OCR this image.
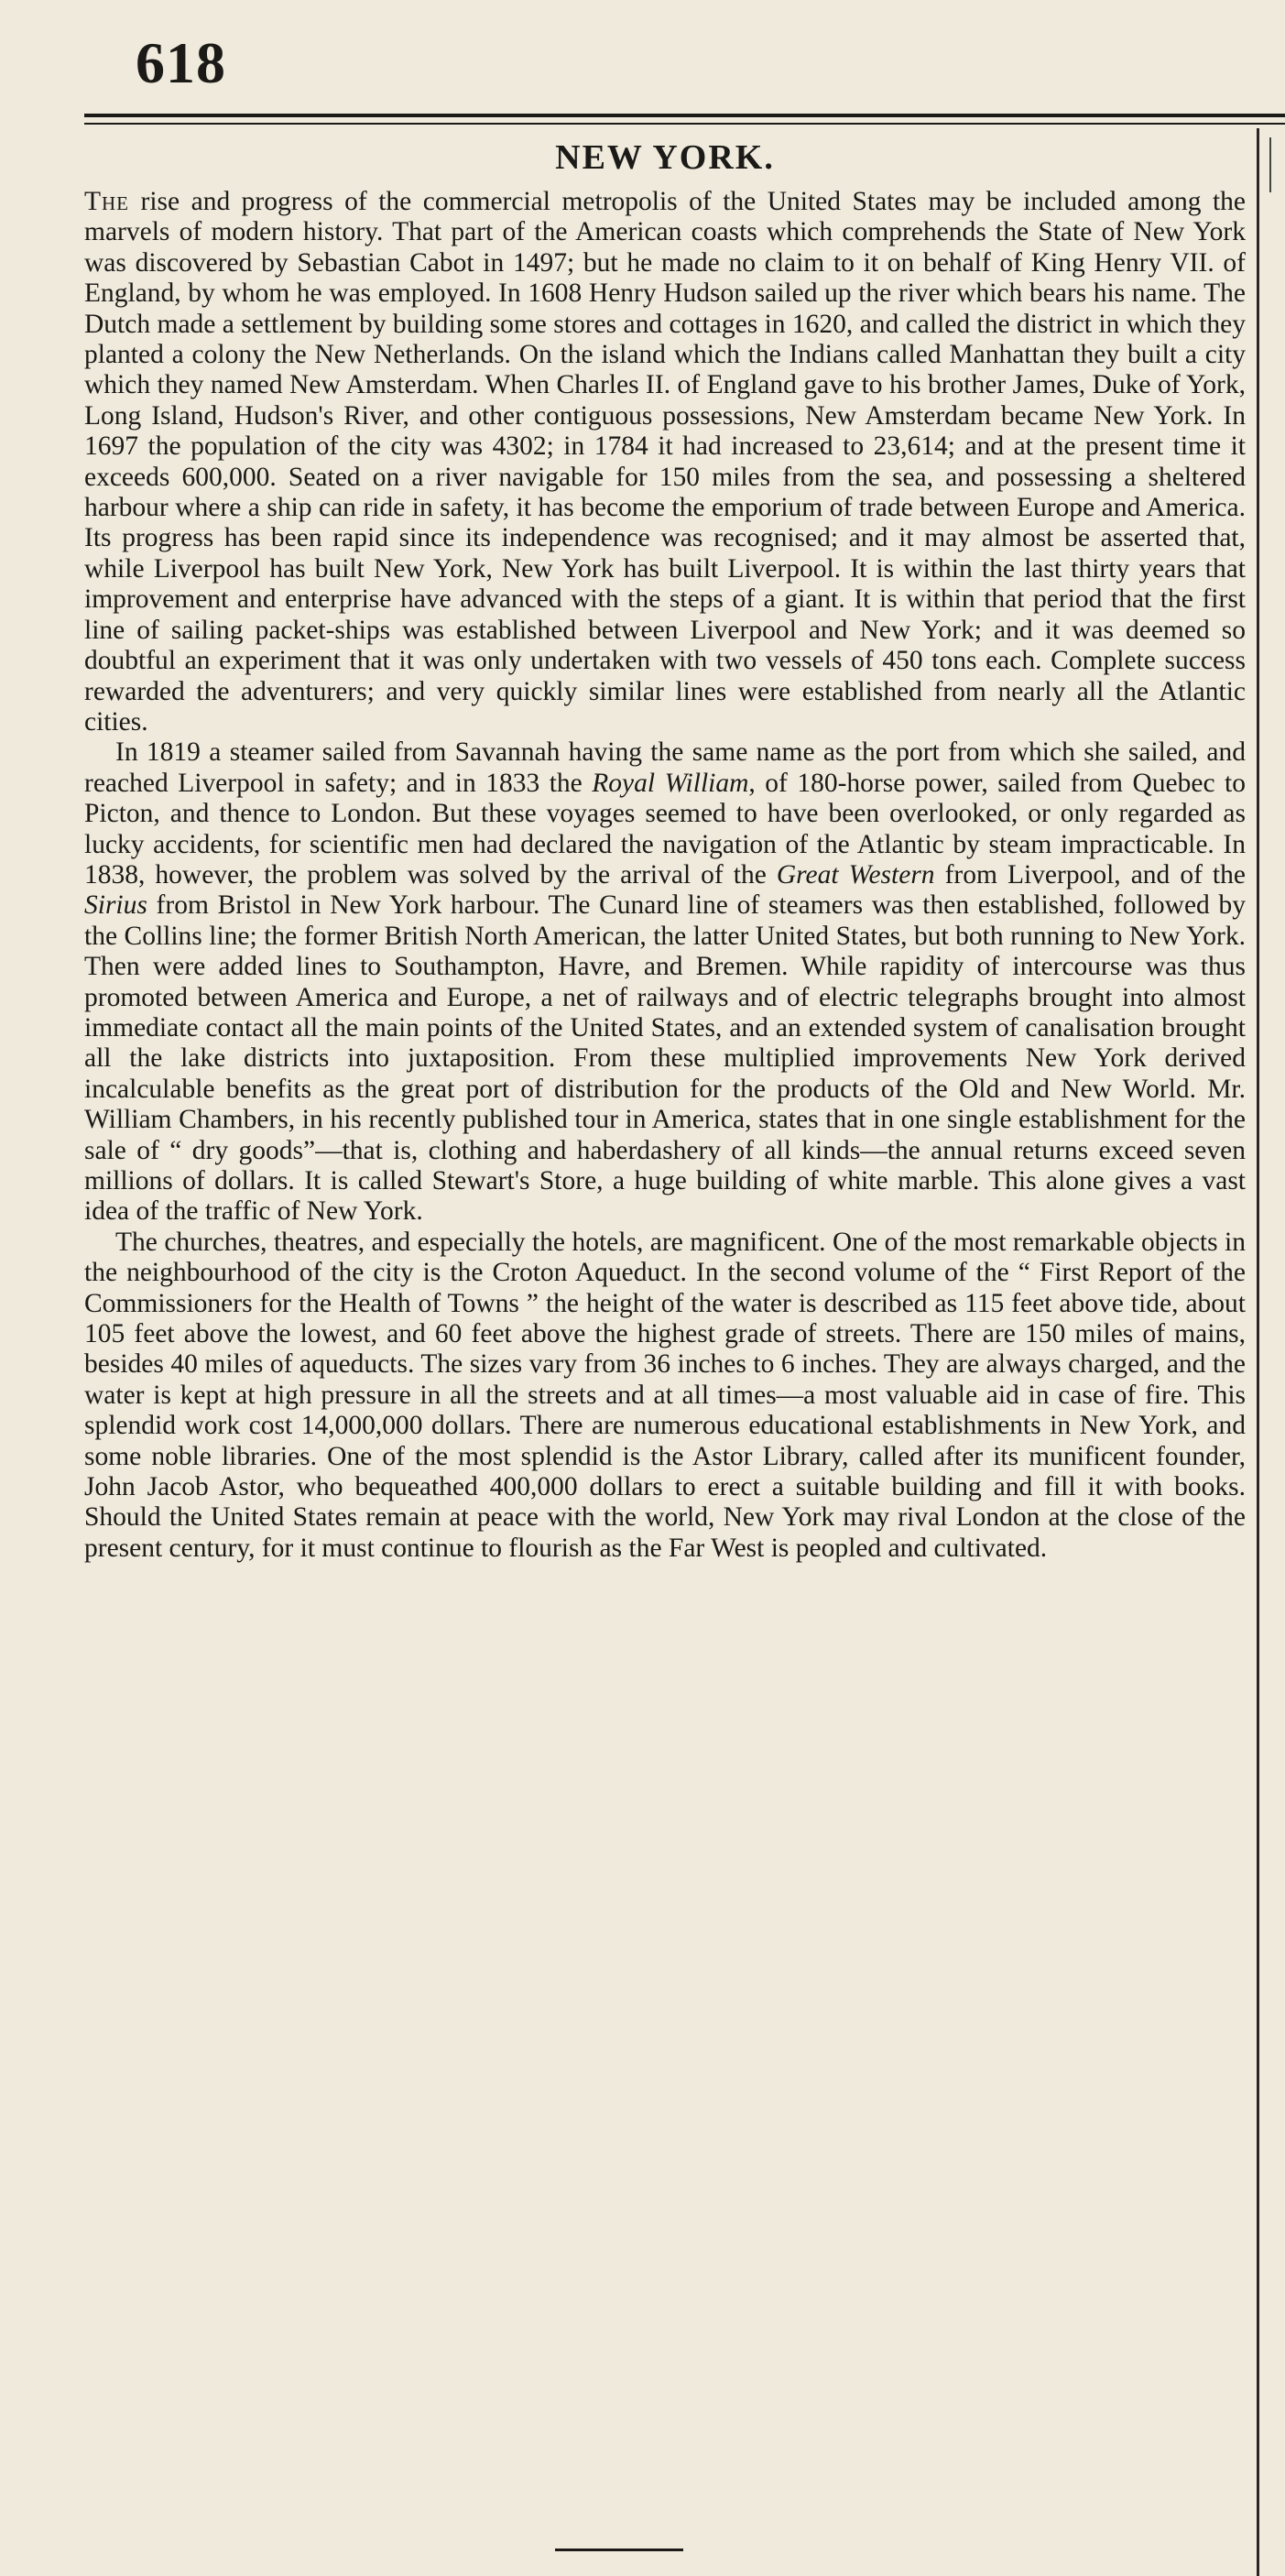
618
NEW YORK.

The rise and progress of the commercial metropolis of the United States may be included among the marvels of modern history. That part of the American coasts which comprehends the State of New York was discovered by Sebastian Cabot in 1497; but he made no claim to it on behalf of King Henry VII. of England, by whom he was employed. In 1608 Henry Hudson sailed up the river which bears his name. The Dutch made a settlement by building some stores and cottages in 1620, and called the district in which they planted a colony the New Netherlands. On the island which the Indians called Manhattan they built a city which they named New Amsterdam. When Charles II. of England gave to his brother James, Duke of York, Long Island, Hudson's River, and other contiguous possessions, New Amsterdam became New York. In 1697 the population of the city was 4302; in 1784 it had increased to 23,614; and at the present time it exceeds 600,000. Seated on a river navigable for 150 miles from the sea, and possessing a sheltered harbour where a ship can ride in safety, it has become the emporium of trade between Europe and America. Its progress has been rapid since its independence was recognised; and it may almost be asserted that, while Liverpool has built New York, New York has built Liverpool. It is within the last thirty years that improvement and enterprise have advanced with the steps of a giant. It is within that period that the first line of sailing packet-ships was established between Liverpool and New York; and it was deemed so doubtful an experiment that it was only undertaken with two vessels of 450 tons each. Complete success rewarded the adventurers; and very quickly similar lines were established from nearly all the Atlantic cities.

In 1819 a steamer sailed from Savannah having the same name as the port from which she sailed, and reached Liverpool in safety; and in 1833 the Royal William, of 180-horse power, sailed from Quebec to Picton, and thence to London. But these voyages seemed to have been overlooked, or only regarded as lucky accidents, for scientific men had declared the navigation of the Atlantic by steam impracticable. In 1838, however, the problem was solved by the arrival of the Great Western from Liverpool, and of the Sirius from Bristol in New York harbour. The Cunard line of steamers was then established, followed by the Collins line; the former British North American, the latter United States, but both running to New York. Then were added lines to Southampton, Havre, and Bremen. While rapidity of intercourse was thus promoted between America and Europe, a net of railways and of electric telegraphs brought into almost immediate contact all the main points of the United States, and an extended system of canalisation brought all the lake districts into juxtaposition. From these multiplied improvements New York derived incalculable benefits as the great port of distribution for the products of the Old and New World. Mr. William Chambers, in his recently published tour in America, states that in one single establishment for the sale of “ dry goods”—that is, clothing and haberdashery of all kinds—the annual returns exceed seven millions of dollars. It is called Stewart's Store, a huge building of white marble. This alone gives a vast idea of the traffic of New York.

The churches, theatres, and especially the hotels, are magnificent. One of the most remarkable objects in the neighbourhood of the city is the Croton Aqueduct. In the second volume of the “ First Report of the Commissioners for the Health of Towns ” the height of the water is described as 115 feet above tide, about 105 feet above the lowest, and 60 feet above the highest grade of streets. There are 150 miles of mains, besides 40 miles of aqueducts. The sizes vary from 36 inches to 6 inches. They are always charged, and the water is kept at high pressure in all the streets and at all times—a most valuable aid in case of fire. This splendid work cost 14,000,000 dollars. There are numerous educational establishments in New York, and some noble libraries. One of the most splendid is the Astor Library, called after its munificent founder, John Jacob Astor, who bequeathed 400,000 dollars to erect a suitable building and fill it with books. Should the United States remain at peace with the world, New York may rival London at the close of the present century, for it must continue to flourish as the Far West is peopled and cultivated.
